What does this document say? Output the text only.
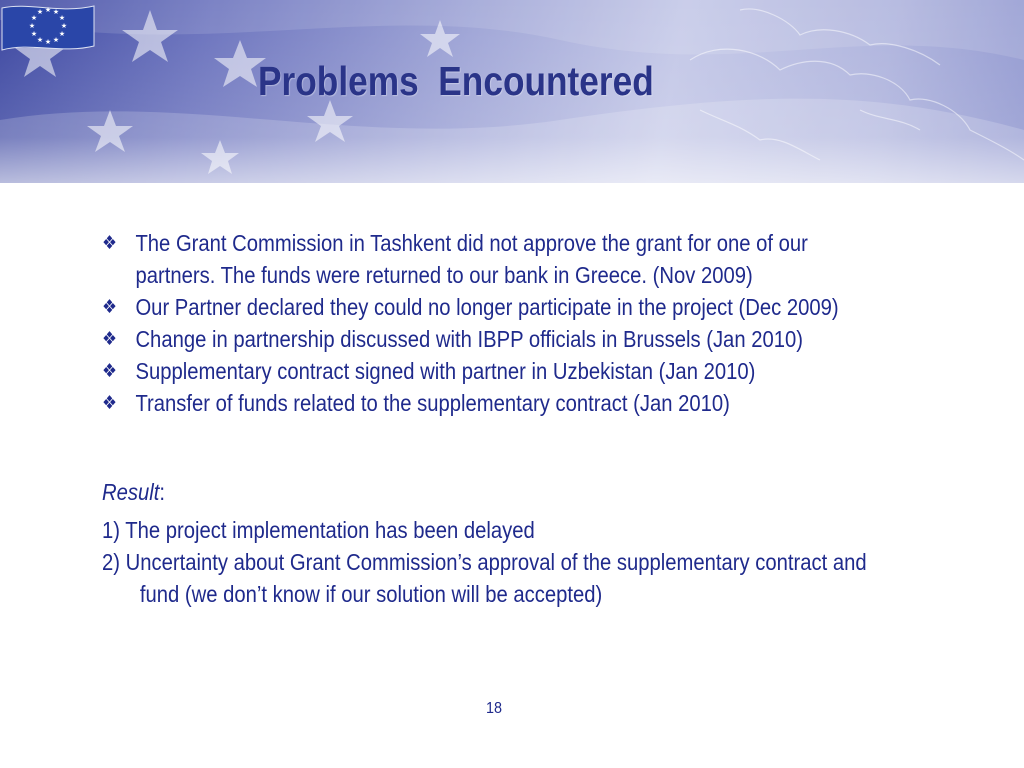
Problems  Encountered
★ ★
★
★
★
★
★
★
★
★
★
★
❖ The Grant Commission in Tashkent did not approve the grant for one of our
partners. The funds were returned to our bank in Greece. (Nov 2009)
❖ Our Partner declared they could no longer participate in the project (Dec 2009)
❖ Change in partnership discussed with IBPP officials in Brussels (Jan 2010)
❖ Supplementary contract signed with partner in Uzbekistan (Jan 2010)
❖ Transfer of funds related to the supplementary contract (Jan 2010)
Result:
1) The project implementation has been delayed
2) Uncertainty about Grant Commission’s approval of the supplementary contract and
fund (we don’t know if our solution will be accepted)
18
